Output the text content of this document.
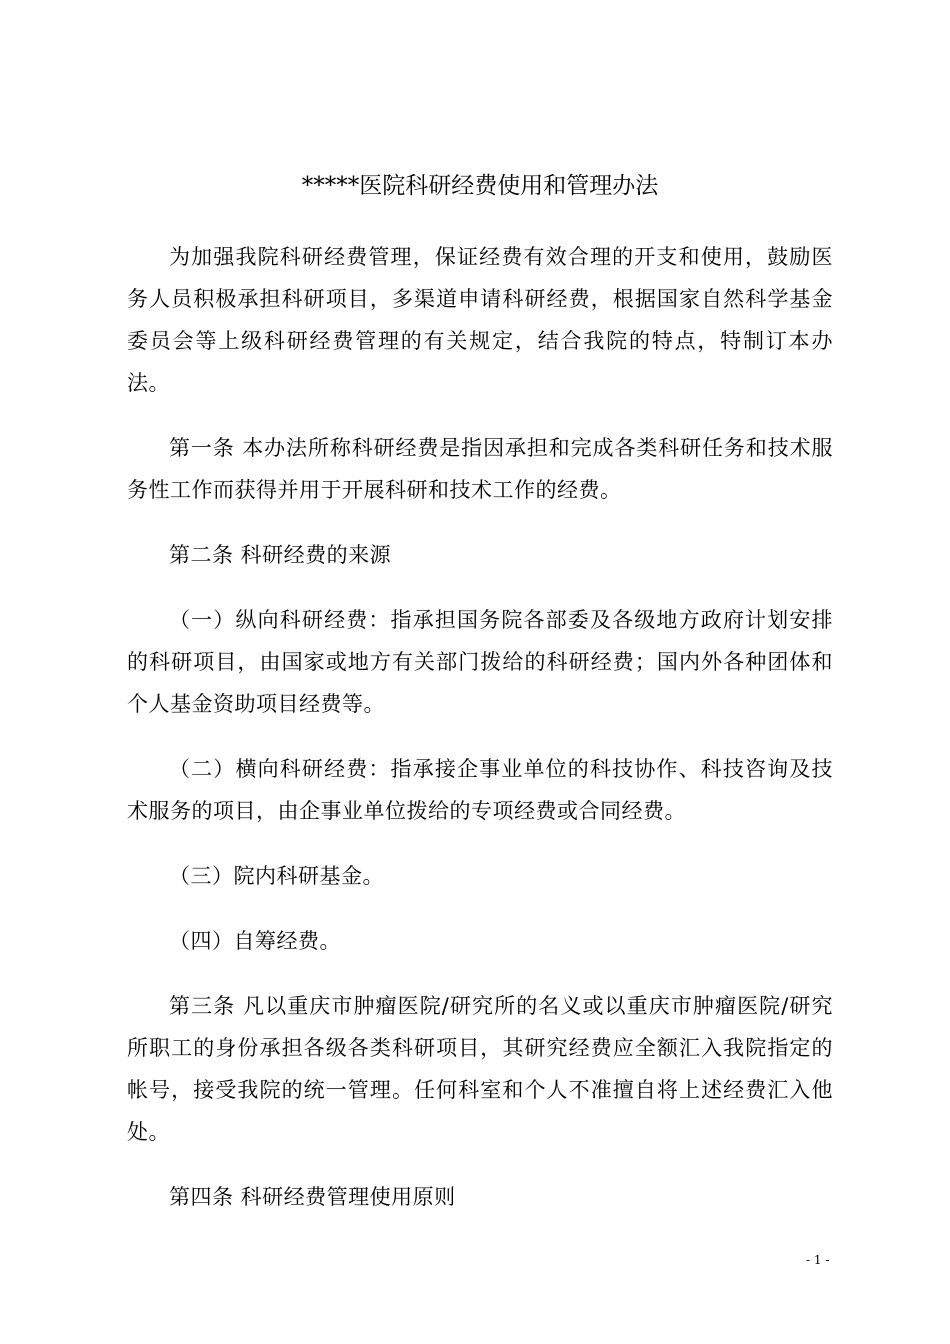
*****医院科研经费使用和管理办法

为加强我院科研经费管理，保证经费有效合理的开支和使用，鼓励医务人员积极承担科研项目，多渠道申请科研经费，根据国家自然科学基金委员会等上级科研经费管理的有关规定，结合我院的特点，特制订本办法。

第一条 本办法所称科研经费是指因承担和完成各类科研任务和技术服务性工作而获得并用于开展科研和技术工作的经费。

第二条 科研经费的来源

（一）纵向科研经费：指承担国务院各部委及各级地方政府计划安排的科研项目，由国家或地方有关部门拨给的科研经费；国内外各种团体和个人基金资助项目经费等。

（二）横向科研经费：指承接企事业单位的科技协作、科技咨询及技术服务的项目，由企事业单位拨给的专项经费或合同经费。

（三）院内科研基金。

（四）自筹经费。

第三条 凡以重庆市肿瘤医院/研究所的名义或以重庆市肿瘤医院/研究所职工的身份承担各级各类科研项目，其研究经费应全额汇入我院指定的帐号，接受我院的统一管理。任何科室和个人不准擅自将上述经费汇入他处。

第四条 科研经费管理使用原则

- 1 -
